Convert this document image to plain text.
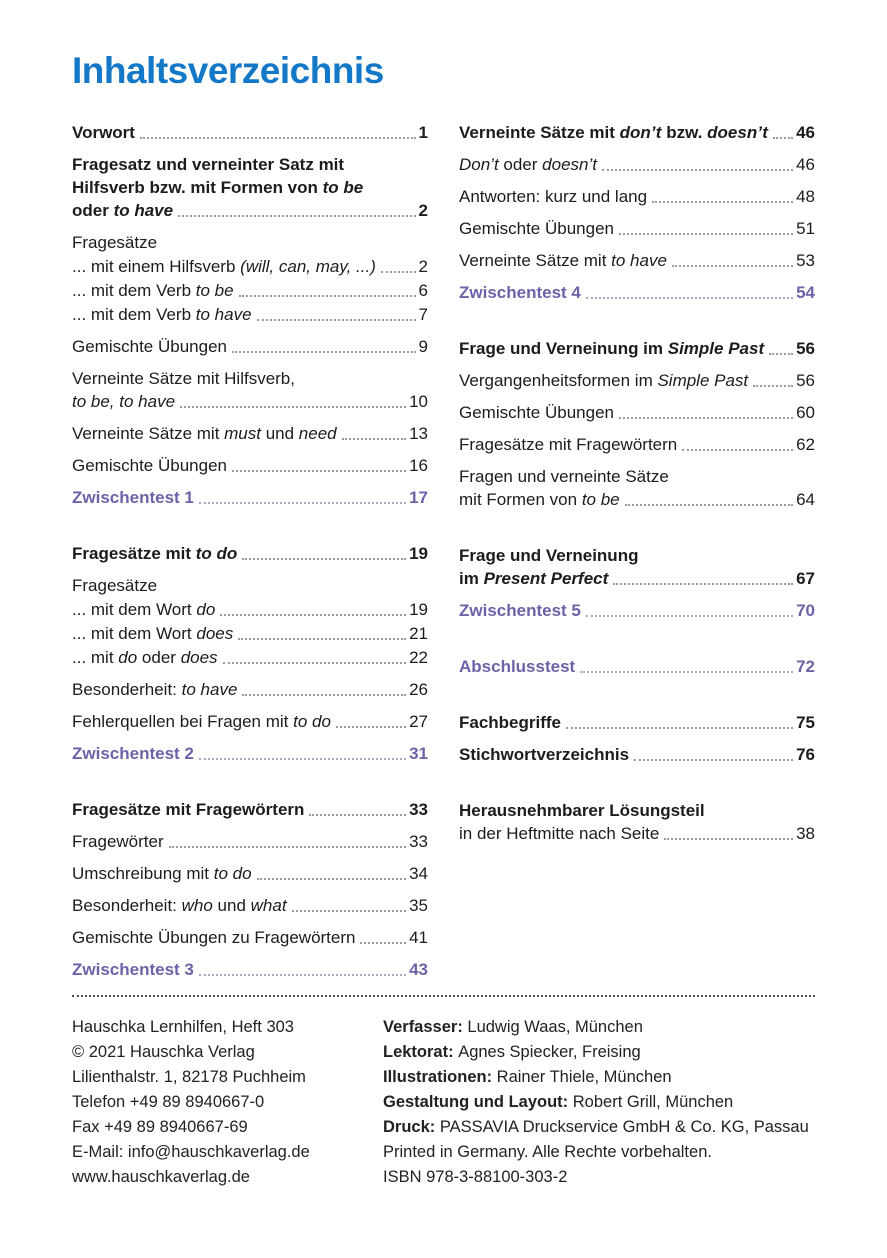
Inhaltsverzeichnis
Vorwort	1
Fragesatz und verneinter Satz mit
Hilfsverb bzw. mit Formen von to be
oder to have	2
Fragesätze
... mit einem Hilfsverb (will, can, may, ...)	2
... mit dem Verb to be	6
... mit dem Verb to have	7
Gemischte Übungen	9
Verneinte Sätze mit Hilfsverb,
to be, to have	10
Verneinte Sätze mit must und need	13
Gemischte Übungen	16
Zwischentest 1	17
Fragesätze mit to do	19
Fragesätze
... mit dem Wort do	19
... mit dem Wort does	21
... mit do oder does	22
Besonderheit: to have	26
Fehlerquellen bei Fragen mit to do	27
Zwischentest 2	31
Fragesätze mit Fragewörtern	33
Fragewörter	33
Umschreibung mit to do	34
Besonderheit: who und what	35
Gemischte Übungen zu Fragewörtern	41
Zwischentest 3	43
Verneinte Sätze mit don’t bzw. doesn’t 46
Don’t oder doesn’t	46
Antworten: kurz und lang	48
Gemischte Übungen	51
Verneinte Sätze mit to have	53
Zwischentest 4	54
Frage und Verneinung im Simple Past 56
Vergangenheitsformen im Simple Past	56
Gemischte Übungen	60
Fragesätze mit Fragewörtern	62
Fragen und verneinte Sätze
mit Formen von to be	64
Frage und Verneinung
im Present Perfect	67
Zwischentest 5	70
Abschlusstest	72
Fachbegriffe	75
Stichwortverzeichnis	76
Herausnehmbarer Lösungsteil
in der Heftmitte nach Seite	38
Hauschka Lernhilfen, Heft 303
© 2021 Hauschka Verlag
Lilienthalstr. 1, 82178 Puchheim
Telefon +49 89 8940667-0
Fax +49 89 8940667-69
E-Mail: info@hauschkaverlag.de
www.hauschkaverlag.de
Verfasser: Ludwig Waas, München
Lektorat: Agnes Spiecker, Freising
Illustrationen: Rainer Thiele, München
Gestaltung und Layout: Robert Grill, München
Druck: PASSAVIA Druckservice GmbH & Co. KG, Passau
Printed in Germany. Alle Rechte vorbehalten.
ISBN 978-3-88100-303-2
